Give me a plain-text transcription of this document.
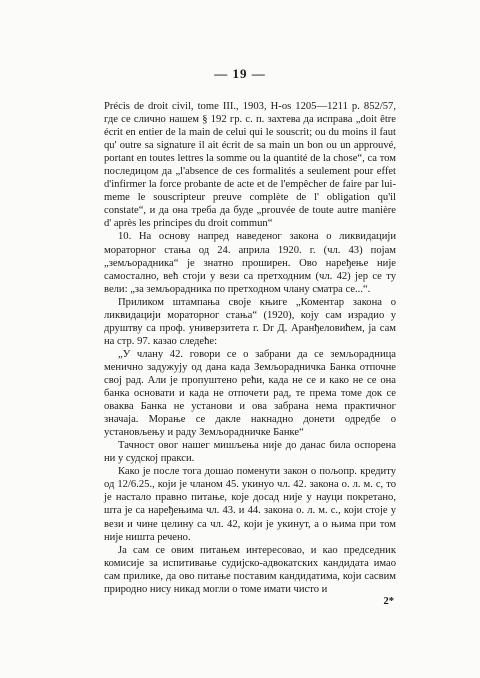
— 19 —

Précis de droit civil, tome III., 1903, H-os 1205—1211 p. 852/57, где се слично нашем § 192 гр. с. п. захтева да исправа „doit être écrit en entier de la main de celui qui le souscrit; ou du moins il faut qu' outre sa signature il ait écrit de sa main un bon ou un approuvé, portant en toutes lettres la somme ou la quantité de la chose“, са том последицом да „l'absence de ces formalités a seulement pour effet d'infirmer la force probante de acte et de l'empêcher de faire par lui-meme le souscripteur preuve complète de l' obligation qu'il constate“, и да она треба да буде „prouvée de toute autre manière d' après les principes du droit commun“

10. На основу напред наведеног закона о ликвидацији мораторног стања од 24. априла 1920. г. (чл. 43) појам „земљорадника“ је знатно проширен. Ово наређење није самостално, већ стоји у вези са претходним (чл. 42) јер се ту вели: „за земљорадника по претходном члану сматра се...“.

Приликом штампања своје књиге „Коментар закона о ликвидацији мораторног стања“ (1920), коју сам израдио у друштву са проф. универзитета г. Dr Д. Аранђеловићем, ја сам на стр. 97. казао следеће:

„У члану 42. говори се о забрани да се земљорадница менично задужују од дана када Земљорадничка Банка отпочне свој рад. Али је пропуштено рећи, када не се и како не се она банка основати и када не отпочети рад, те према томе док се оваква Банка не установи и ова забрана нема практичног значаја. Морање се дакле накнадно донети одредбе о установљењу и раду Земљорадничке Банке“

Тачност овог нашег мишљења није до данас била оспорена ни у судској пракси.

Како је после тога дошао поменути закон о пољопр. кредиту од 12/6.25., који је чланом 45. укинуо чл. 42. закона о. л. м. с, то је настало правно питање, које досад није у науци покретано, шта је са наређењима чл. 43. и 44. закона о. л. м. с., који стоје у вези и чине целину са чл. 42, који је укинут, а о њима при том није ништа речено.

Ја сам се овим питањем интересовао, и као председник комисије за испитивање судијско-адвокатских кандидата имао сам прилике, да ово питање поставим кандидатима, који сасвим природно нису никад могли о томе имати чисто и

2*
